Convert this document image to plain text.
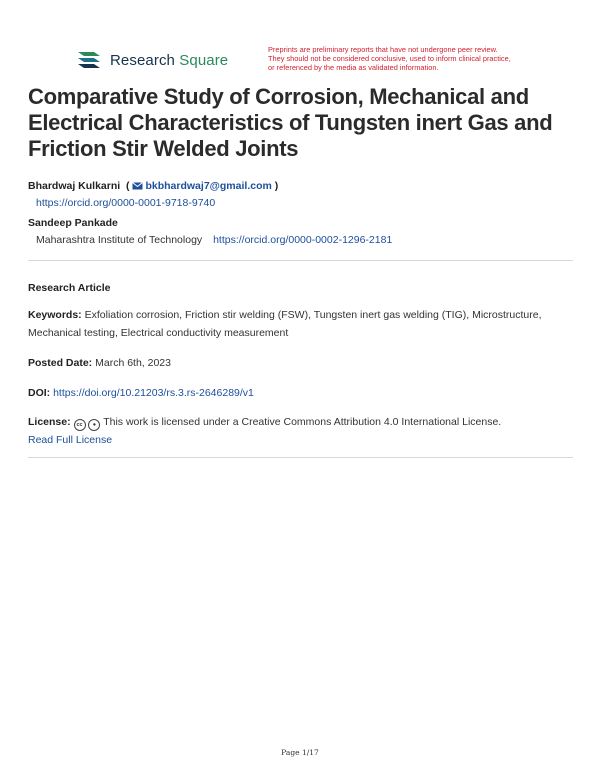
Research Square
Preprints are preliminary reports that have not undergone peer review.
They should not be considered conclusive, used to inform clinical practice,
or referenced by the media as validated information.
Comparative Study of Corrosion, Mechanical and Electrical Characteristics of Tungsten inert Gas and Friction Stir Welded Joints
Bhardwaj Kulkarni  ( bkbhardwaj7@gmail.com )
https://orcid.org/0000-0001-9718-9740
Sandeep Pankade
Maharashtra Institute of Technology https://orcid.org/0000-0002-1296-2181
Research Article
Keywords: Exfoliation corrosion, Friction stir welding (FSW), Tungsten inert gas welding (TIG), Microstructure, Mechanical testing, Electrical conductivity measurement
Posted Date: March 6th, 2023
DOI: https://doi.org/10.21203/rs.3.rs-2646289/v1
License: cc ● This work is licensed under a Creative Commons Attribution 4.0 International License.
Read Full License
Page 1/17
